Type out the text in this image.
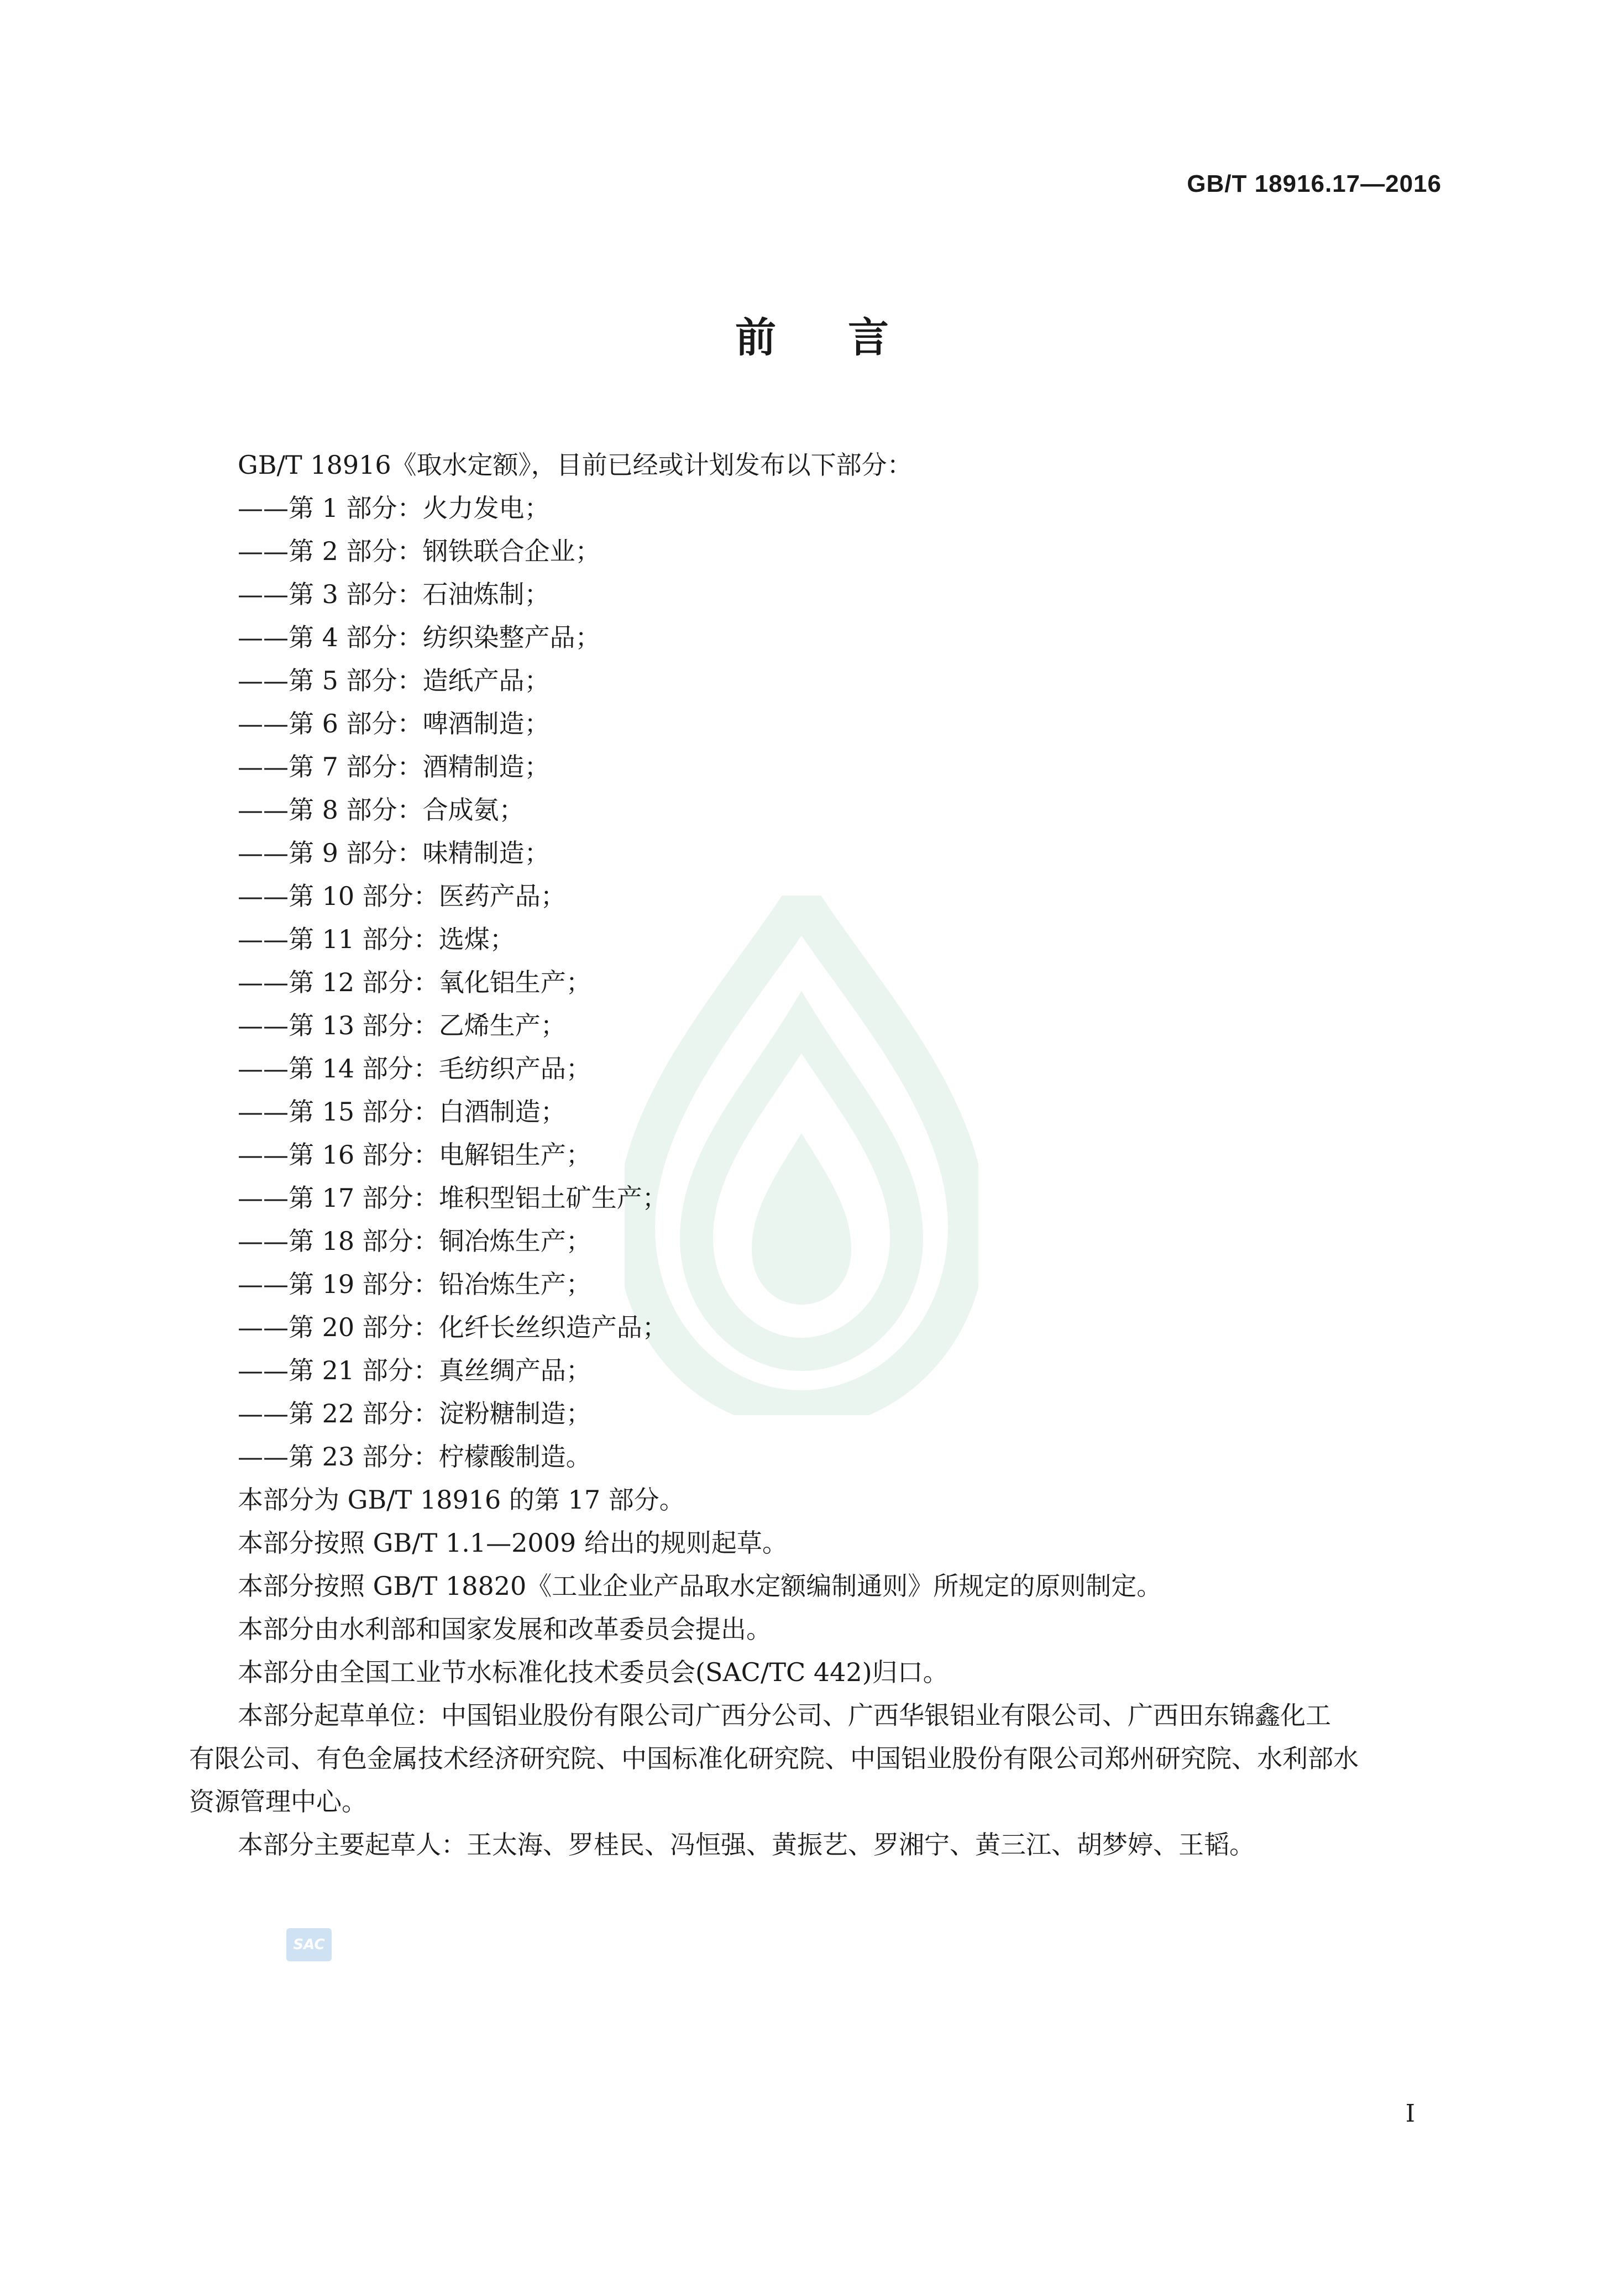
GB/T 18916.17—2016
前言
GB/T 18916《取水定额》，目前已经或计划发布以下部分：
——第 1 部分：火力发电；
——第 2 部分：钢铁联合企业；
——第 3 部分：石油炼制；
——第 4 部分：纺织染整产品；
——第 5 部分：造纸产品；
——第 6 部分：啤酒制造；
——第 7 部分：酒精制造；
——第 8 部分：合成氨；
——第 9 部分：味精制造；
——第 10 部分：医药产品；
——第 11 部分：选煤；
——第 12 部分：氧化铝生产；
——第 13 部分：乙烯生产；
——第 14 部分：毛纺织产品；
——第 15 部分：白酒制造；
——第 16 部分：电解铝生产；
——第 17 部分：堆积型铝土矿生产；
——第 18 部分：铜冶炼生产；
——第 19 部分：铅冶炼生产；
——第 20 部分：化纤长丝织造产品；
——第 21 部分：真丝绸产品；
——第 22 部分：淀粉糖制造；
——第 23 部分：柠檬酸制造。
本部分为 GB/T 18916 的第 17 部分。
本部分按照 GB/T 1.1—2009 给出的规则起草。
本部分按照 GB/T 18820《工业企业产品取水定额编制通则》所规定的原则制定。
本部分由水利部和国家发展和改革委员会提出。
本部分由全国工业节水标准化技术委员会(SAC/TC 442)归口。
本部分起草单位：中国铝业股份有限公司广西分公司、广西华银铝业有限公司、广西田东锦鑫化工
有限公司、有色金属技术经济研究院、中国标准化研究院、中国铝业股份有限公司郑州研究院、水利部水
资源管理中心。
本部分主要起草人：王太海、罗桂民、冯恒强、黄振艺、罗湘宁、黄三江、胡梦婷、王韬。
SAC
I
